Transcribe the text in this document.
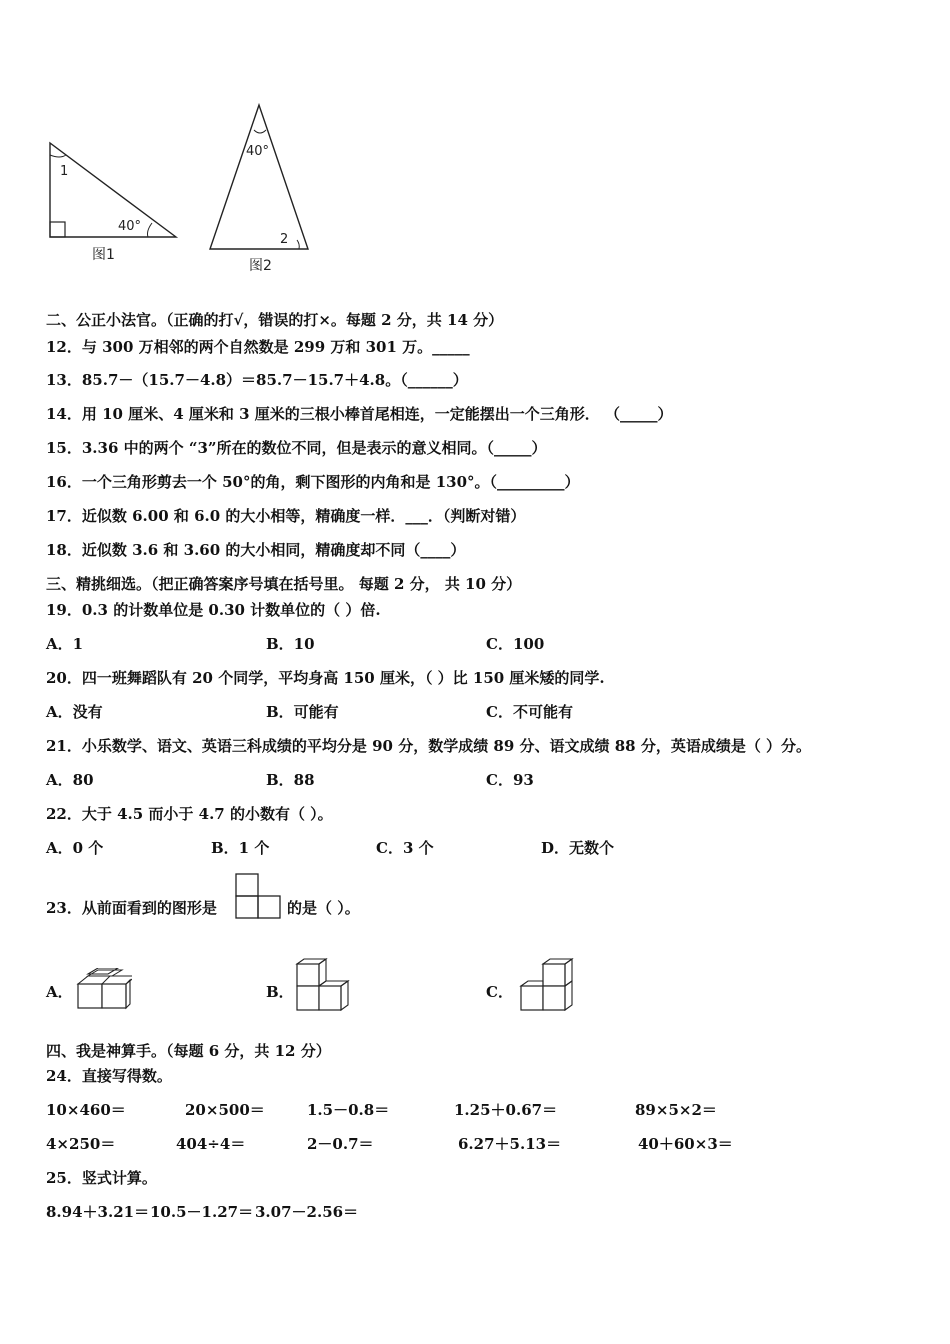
1
40°
图1
40°
2
图2
二、公正小法官。（正确的打√，错误的打×。每题 2 分，共 14 分）
12．与 300 万相邻的两个自然数是 299 万和 301 万。_____
13．85.7－（15.7－4.8）＝85.7－15.7＋4.8。（______）
14．用 10 厘米、4 厘米和 3 厘米的三根小棒首尾相连，一定能摆出一个三角形． （_____）
15．3.36 中的两个 “3”所在的数位不同，但是表示的意义相同。（_____）
16．一个三角形剪去一个 50°的角，剩下图形的内角和是 130°。（_________）
17．近似数 6.00 和 6.0 的大小相等，精确度一样．___．（判断对错）
18．近似数 3.6 和 3.60 的大小相同，精确度却不同（____）
三、精挑细选。（把正确答案序号填在括号里。 每题 2 分， 共 10 分）
19．0.3 的计数单位是 0.30 计数单位的（ ）倍.
A．1	B．10	C．100
20．四一班舞蹈队有 20 个同学，平均身高 150 厘米，（ ）比 150 厘米矮的同学.
A．没有	B．可能有	C．不可能有
21．小乐数学、语文、英语三科成绩的平均分是 90 分，数学成绩 89 分、语文成绩 88 分，英语成绩是（ ）分。
A．80	B．88	C．93
22．大于 4.5 而小于 4.7 的小数有（ ）。
A．0 个	B．1 个	C．3 个	D．无数个
23．从前面看到的图形是	的是（ ）。
A．	B．	C．
四、我是神算手。（每题 6 分，共 12 分）
24．直接写得数。
10×460＝	20×500＝	1.5－0.8＝	1.25＋0.67＝	89×5×2＝
4×250＝	404÷4＝	2－0.7＝	6.27＋5.13＝	40＋60×3＝
25．竖式计算。
8.94＋3.21＝ 10.5－1.27＝ 3.07－2.56＝
